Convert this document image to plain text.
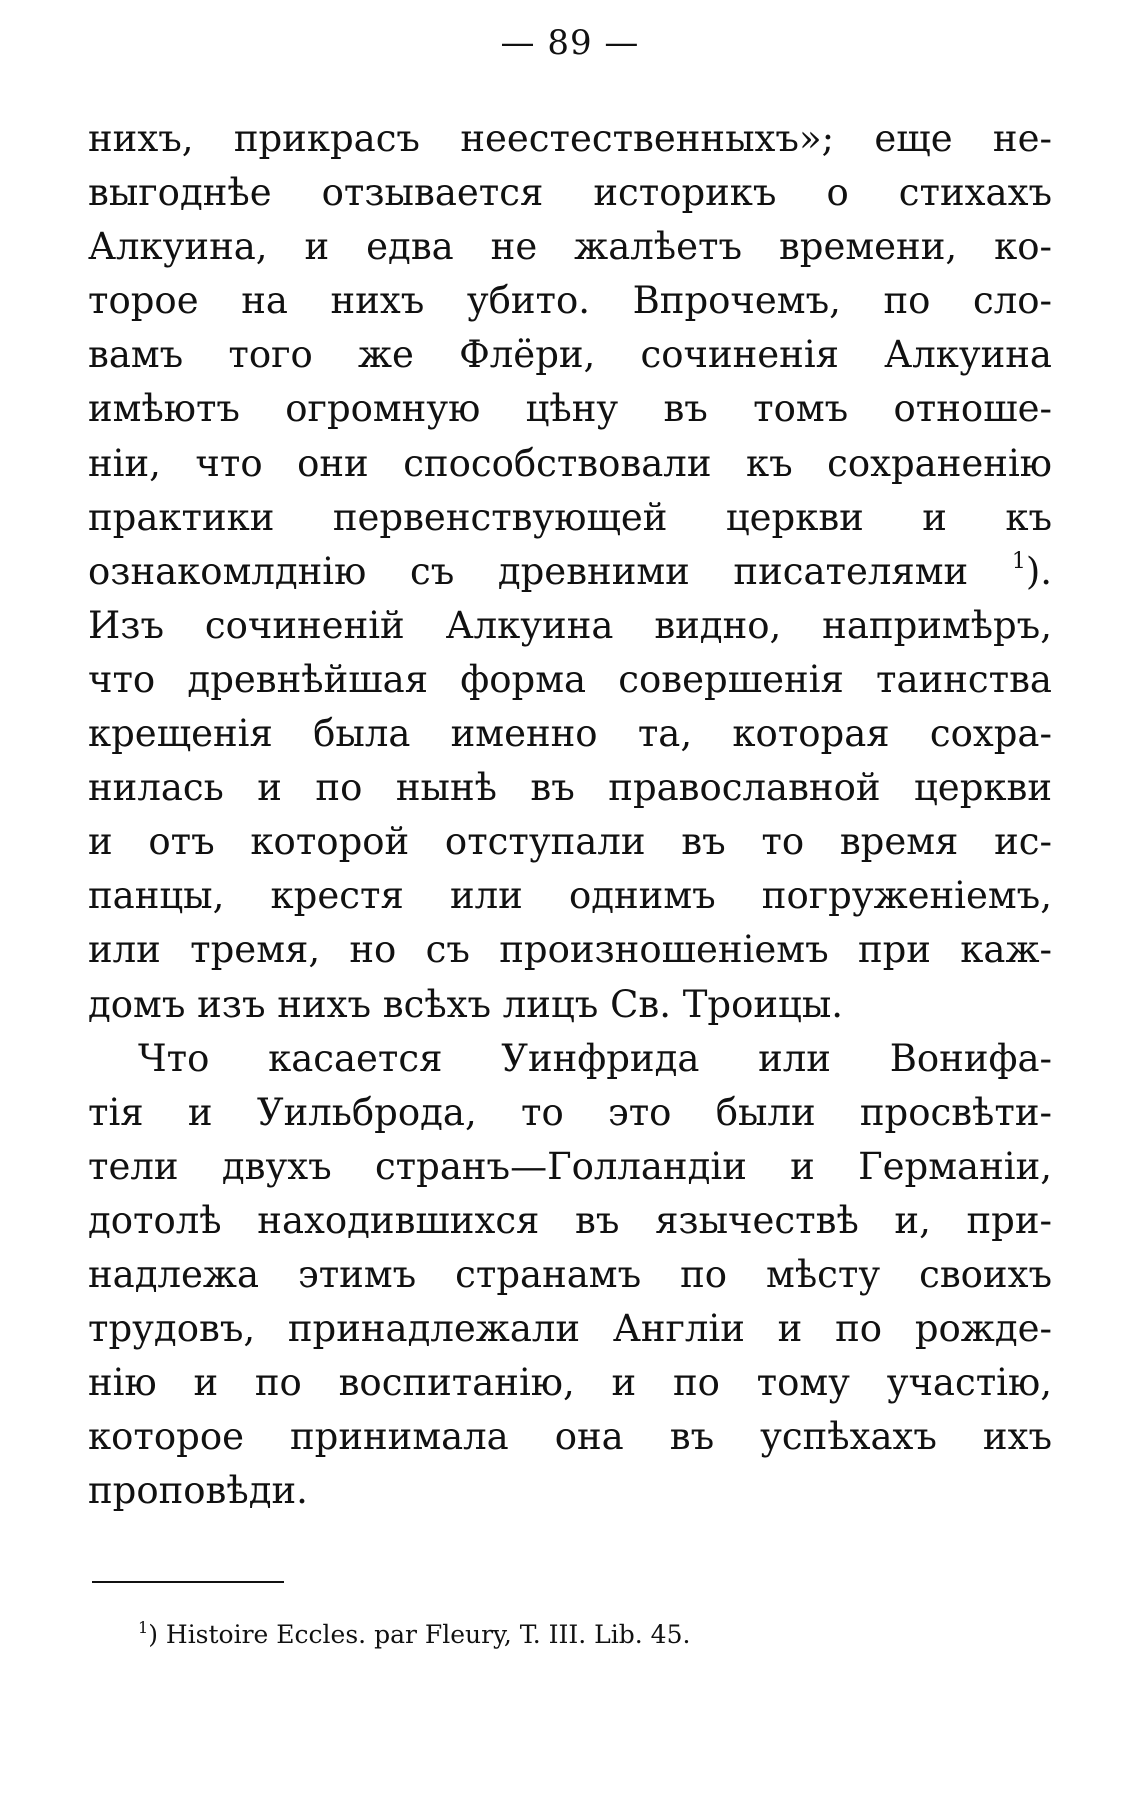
— 89 —
нихъ, прикрасъ неестественныхъ»; еще не-
выгоднѣе отзывается историкъ о стихахъ
Алкуина, и едва не жалѣетъ времени, ко-
торое на нихъ убито. Впрочемъ, по сло-
вамъ того же Флёри, сочиненія Алкуина
имѣютъ огромную цѣну въ томъ отноше-
ніи, что они способствовали къ сохраненію
практики первенствующей церкви и къ
ознакомлднію съ древними писателями $^1$).
Изъ сочиненій Алкуина видно, напримѣръ,
что древнѣйшая форма совершенія таинства
крещенія была именно та, которая сохра-
нилась и по нынѣ въ православной церкви
и отъ которой отступали въ то время ис-
панцы, крестя или однимъ погруженіемъ,
или тремя, но съ произношеніемъ при каж-
домъ изъ нихъ всѣхъ лицъ Св. Троицы.
Что касается Уинфрида или Вонифа-
тія и Уильброда, то это были просвѣти-
тели двухъ странъ—Голландіи и Германіи,
дотолѣ находившихся въ язычествѣ и, при-
надлежа этимъ странамъ по мѣсту своихъ
трудовъ, принадлежали Англіи и по рожде-
нію и по воспитанію, и по тому участію,
которое принимала она въ успѣхахъ ихъ
проповѣди.
$^1$) Histoire Eccles. par Fleury, T. III. Lib. 45.
